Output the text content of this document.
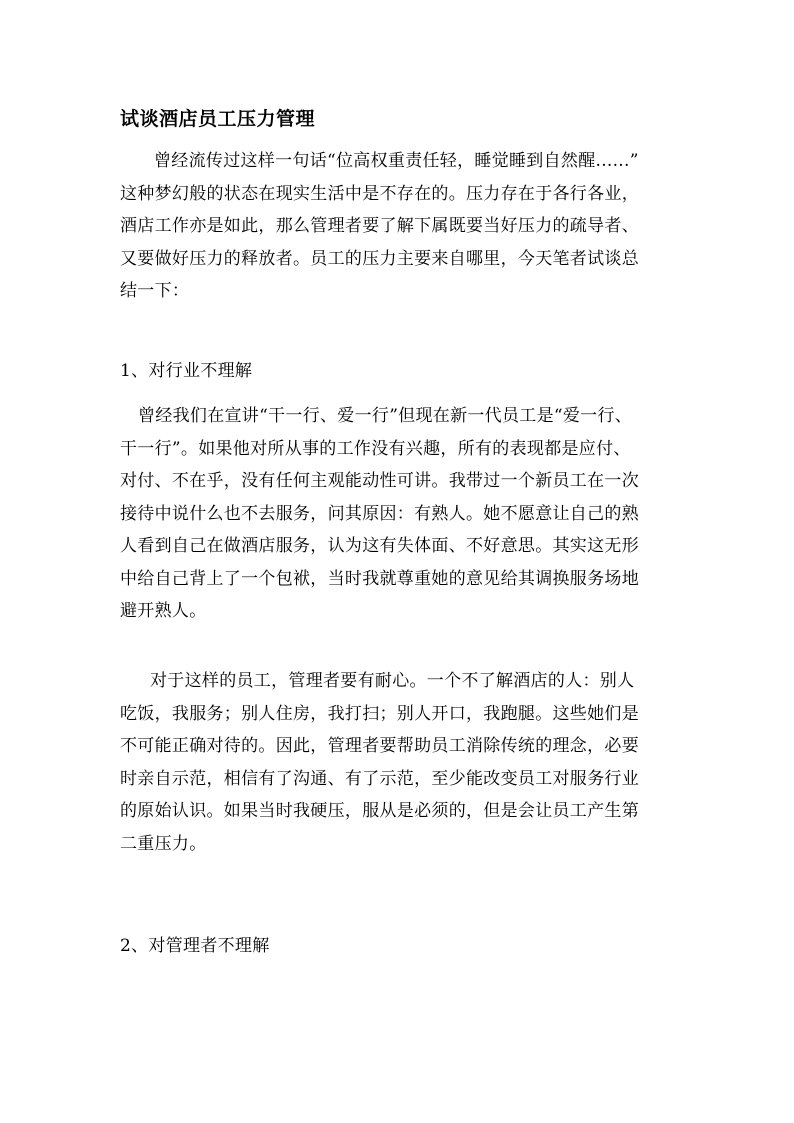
试谈酒店员工压力管理
曾经流传过这样一句话“位高权重责任轻，睡觉睡到自然醒......”
这种梦幻般的状态在现实生活中是不存在的。压力存在于各行各业，
酒店工作亦是如此，那么管理者要了解下属既要当好压力的疏导者、
又要做好压力的释放者。员工的压力主要来自哪里，今天笔者试谈总
结一下：
1、对行业不理解
曾经我们在宣讲“干一行、爱一行”但现在新一代员工是“爱一行、
干一行”。如果他对所从事的工作没有兴趣，所有的表现都是应付、
对付、不在乎，没有任何主观能动性可讲。我带过一个新员工在一次
接待中说什么也不去服务，问其原因：有熟人。她不愿意让自己的熟
人看到自己在做酒店服务，认为这有失体面、不好意思。其实这无形
中给自己背上了一个包袱，当时我就尊重她的意见给其调换服务场地
避开熟人。
对于这样的员工，管理者要有耐心。一个不了解酒店的人：别人
吃饭，我服务；别人住房，我打扫；别人开口，我跑腿。这些她们是
不可能正确对待的。因此，管理者要帮助员工消除传统的理念，必要
时亲自示范，相信有了沟通、有了示范，至少能改变员工对服务行业
的原始认识。如果当时我硬压，服从是必须的，但是会让员工产生第
二重压力。
2、对管理者不理解
